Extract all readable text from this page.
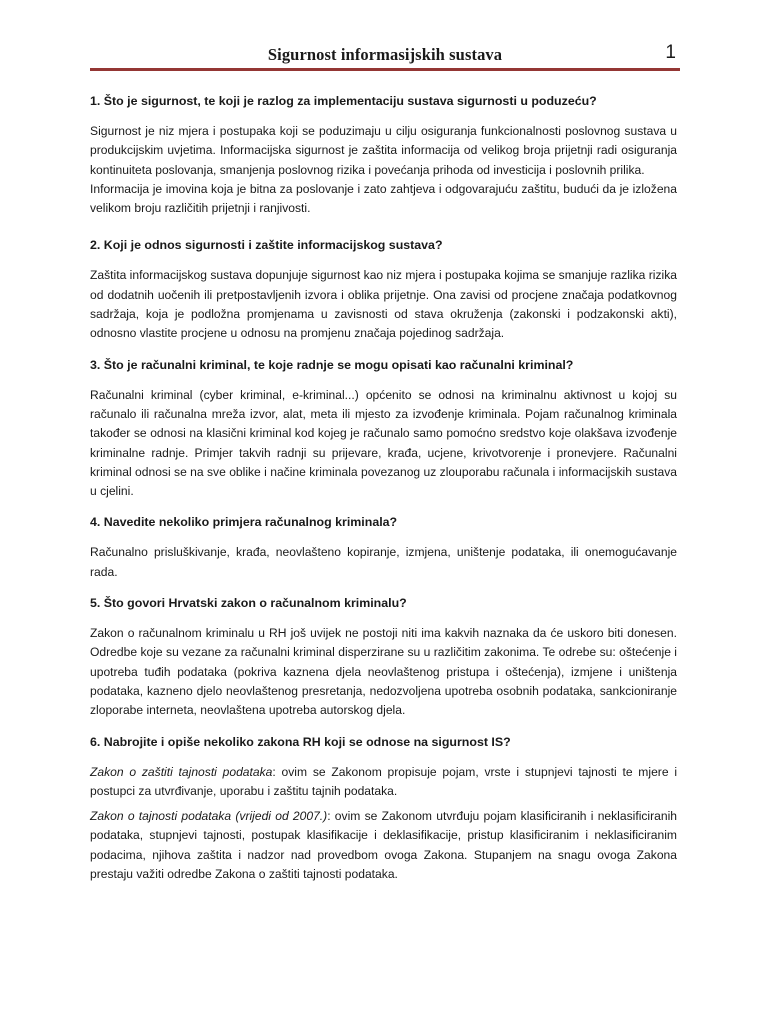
Sigurnost informasijskih sustava	1

1. Što je sigurnost, te koji je razlog za implementaciju sustava sigurnosti u poduzeću?

Sigurnost je niz mjera i postupaka koji se poduzimaju u cilju osiguranja funkcionalnosti poslovnog sustava u produkcijskim uvjetima. Informacijska sigurnost je zaštita informacija od velikog broja prijetnji radi osiguranja kontinuiteta poslovanja, smanjenja poslovnog rizika i povećanja prihoda od investicija i poslovnih prilika.

Informacija je imovina koja je bitna za poslovanje i zato zahtjeva i odgovarajuću zaštitu, budući da je izložena velikom broju različitih prijetnji i ranjivosti.

2. Koji je odnos sigurnosti i zaštite informacijskog sustava?

Zaštita informacijskog sustava dopunjuje sigurnost kao niz mjera i postupaka kojima se smanjuje razlika rizika od dodatnih uočenih ili pretpostavljenih izvora i oblika prijetnje. Ona zavisi od procjene značaja podatkovnog sadržaja, koja je podložna promjenama u zavisnosti od stava okruženja (zakonski i podzakonski akti), odnosno vlastite procjene u odnosu na promjenu značaja pojedinog sadržaja.

3. Što je računalni kriminal, te koje radnje se mogu opisati kao računalni kriminal?

Računalni kriminal (cyber kriminal, e-kriminal...) općenito se odnosi na kriminalnu aktivnost u kojoj su računalo ili računalna mreža izvor, alat, meta ili mjesto za izvođenje kriminala. Pojam računalnog kriminala također se odnosi na klasični kriminal kod kojeg je računalo samo pomoćno sredstvo koje olakšava izvođenje kriminalne radnje. Primjer takvih radnji su prijevare, krađa, ucjene, krivotvorenje i pronevjere. Računalni kriminal odnosi se na sve oblike i načine kriminala povezanog uz zlouporabu računala i informacijskih sustava u cjelini.

4. Navedite nekoliko primjera računalnog kriminala?

Računalno prisluškivanje, krađa, neovlašteno kopiranje, izmjena, uništenje podataka, ili onemogućavanje rada.

5. Što govori Hrvatski zakon o računalnom kriminalu?

Zakon o računalnom kriminalu u RH još uvijek ne postoji niti ima kakvih naznaka da će uskoro biti donesen. Odredbe koje su vezane za računalni kriminal disperzirane su u različitim zakonima. Te odrebe su: oštećenje i upotreba tuđih podataka (pokriva kaznena djela neovlaštenog pristupa i oštećenja), izmjene i uništenja podataka, kazneno djelo neovlaštenog presretanja, nedozvoljena upotreba osobnih podataka, sankcioniranje zloporabe interneta, neovlaštena upotreba autorskog djela.

6. Nabrojite i opiše nekoliko zakona RH koji se odnose na sigurnost IS?

Zakon o zaštiti tajnosti podataka: ovim se Zakonom propisuje pojam, vrste i stupnjevi tajnosti te mjere i postupci za utvrđivanje, uporabu i zaštitu tajnih podataka.

Zakon o tajnosti podataka (vrijedi od 2007.): ovim se Zakonom utvrđuju pojam klasificiranih i neklasificiranih podataka, stupnjevi tajnosti, postupak klasifikacije i deklasifikacije, pristup klasificiranim i neklasificiranim podacima, njihova zaštita i nadzor nad provedbom ovoga Zakona. Stupanjem na snagu ovoga Zakona prestaju važiti odredbe Zakona o zaštiti tajnosti podataka.
